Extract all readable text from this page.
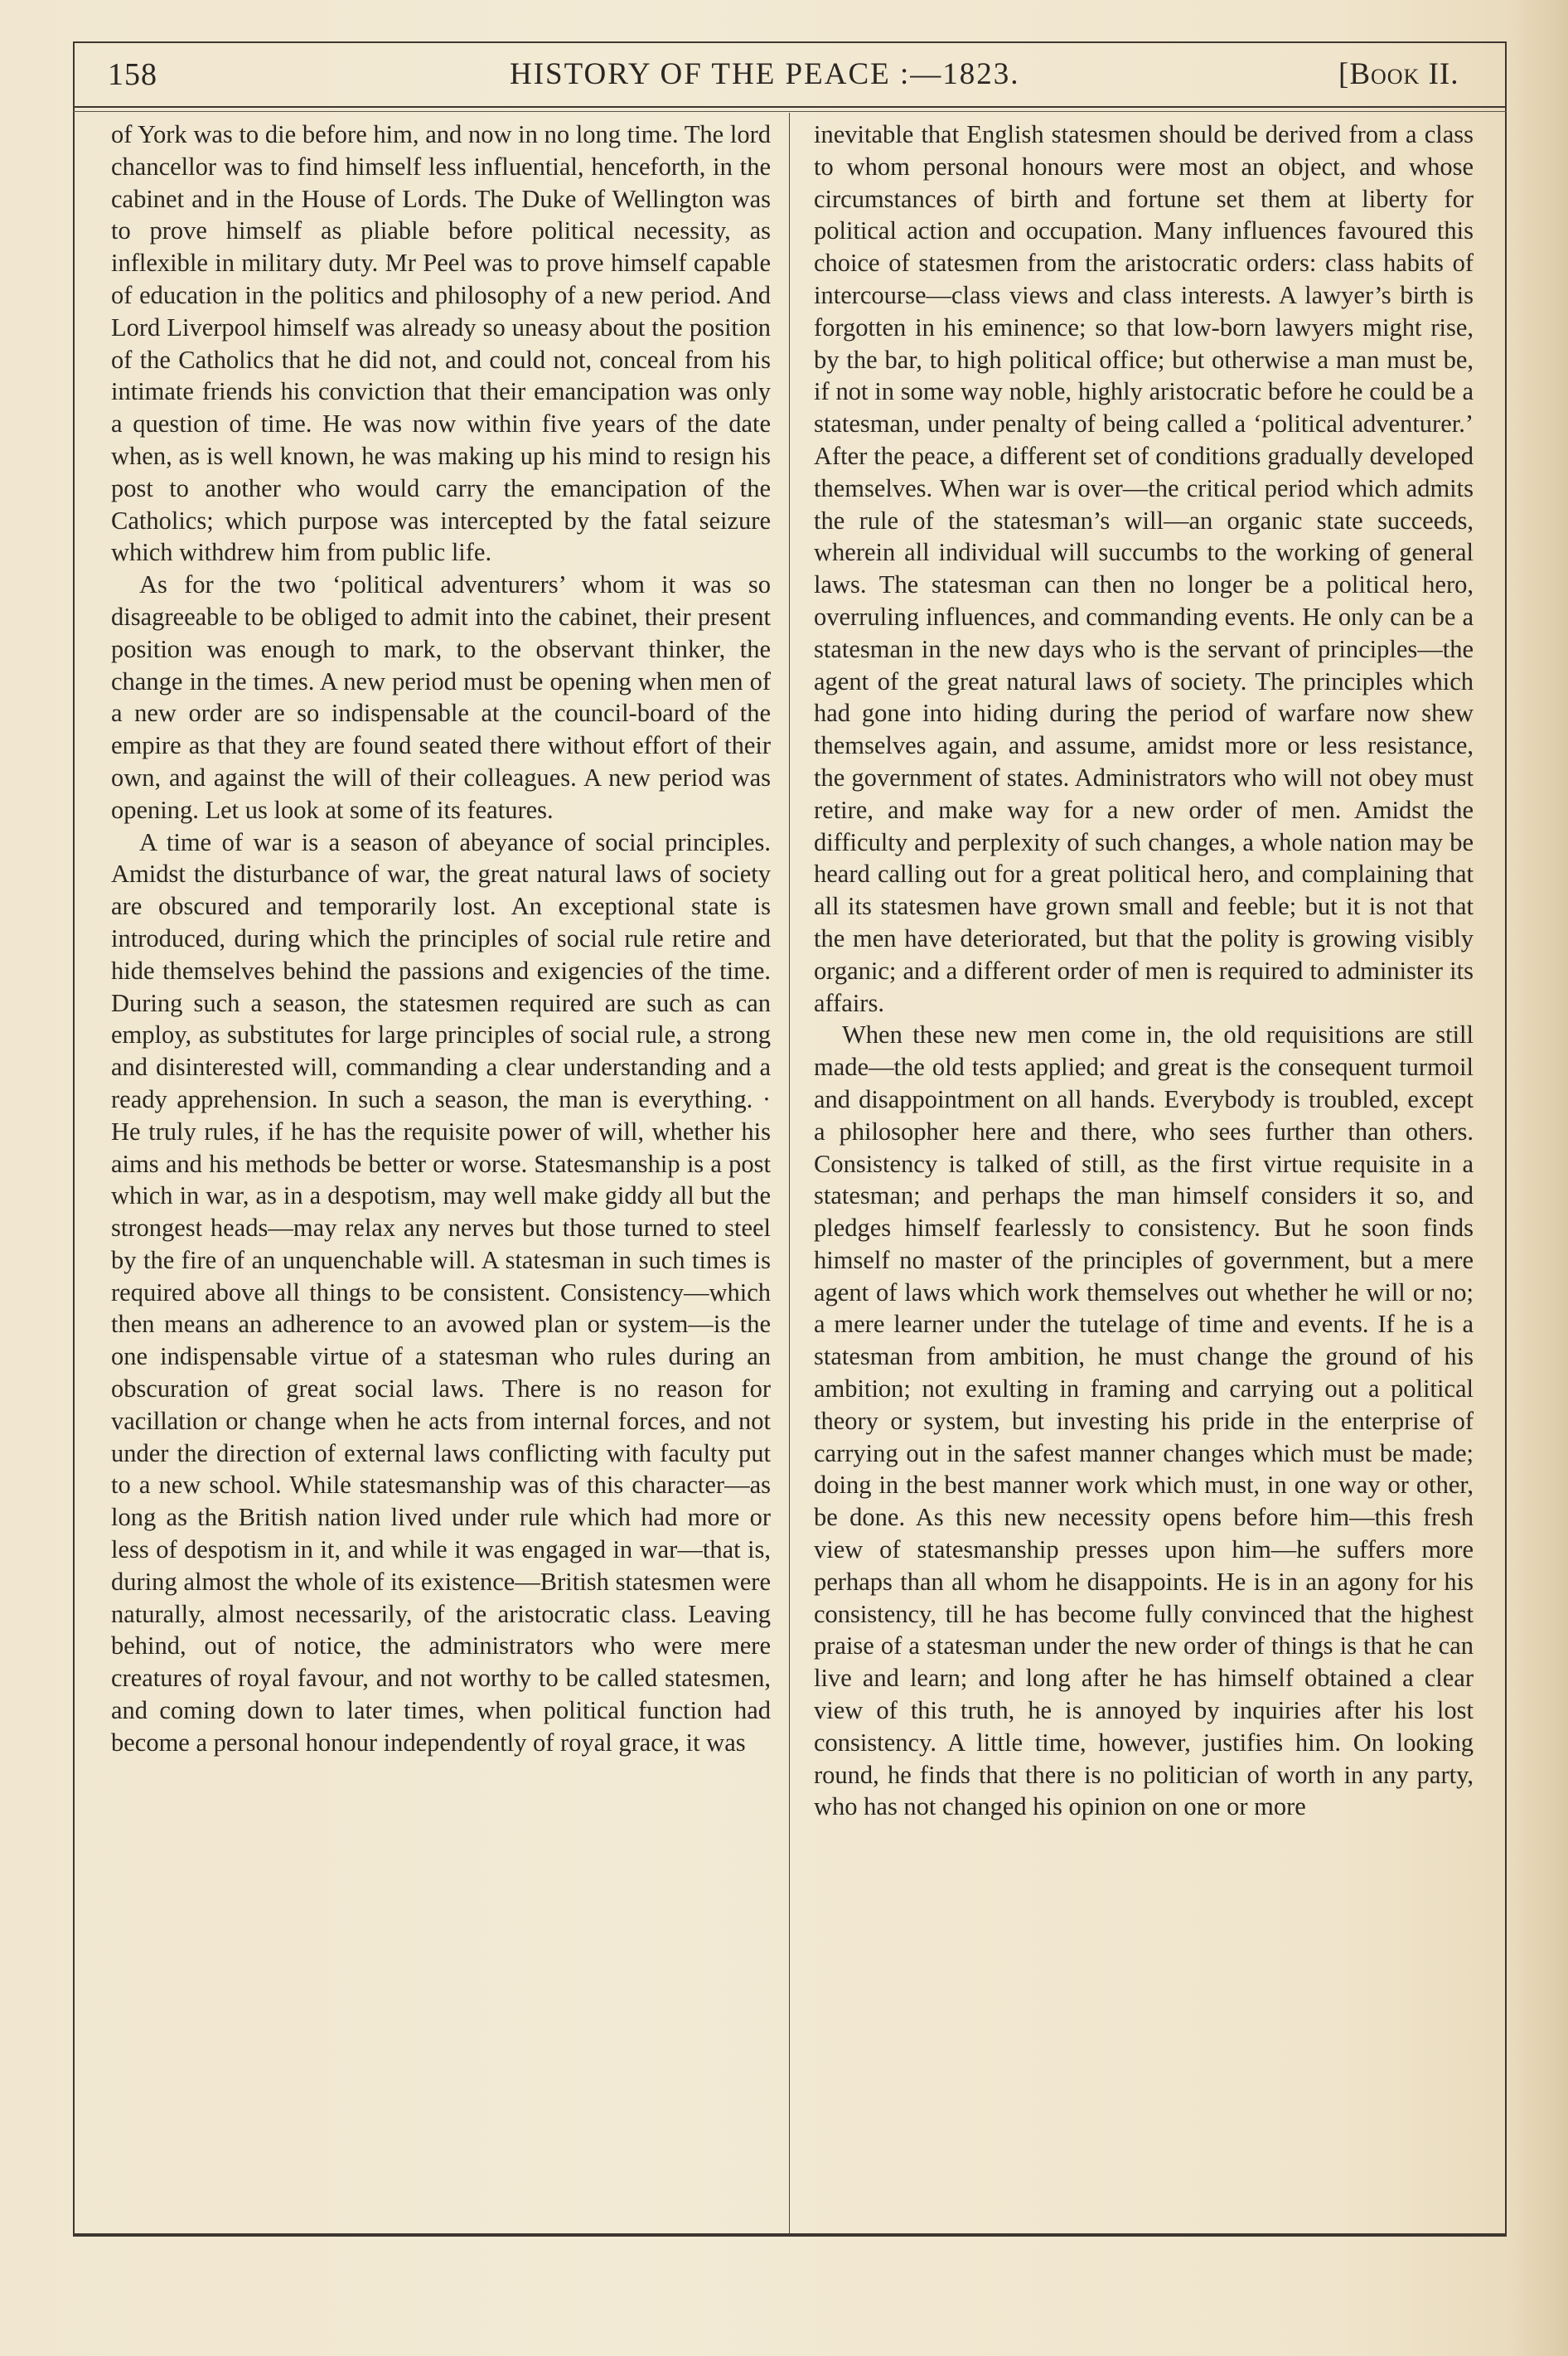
158	HISTORY OF THE PEACE :—1823.	[Book II.

of York was to die before him, and now in no long time. The lord chancellor was to find himself less influential, henceforth, in the cabinet and in the House of Lords. The Duke of Wellington was to prove himself as pliable before political necessity, as inflexible in military duty. Mr Peel was to prove himself capable of education in the politics and philosophy of a new period. And Lord Liverpool himself was already so uneasy about the position of the Catholics that he did not, and could not, conceal from his intimate friends his conviction that their emancipation was only a question of time. He was now within five years of the date when, as is well known, he was making up his mind to resign his post to another who would carry the emancipation of the Catholics; which purpose was intercepted by the fatal seizure which withdrew him from public life.

As for the two ‘political adventurers’ whom it was so disagreeable to be obliged to admit into the cabinet, their present position was enough to mark, to the observant thinker, the change in the times. A new period must be opening when men of a new order are so indispensable at the council-board of the empire as that they are found seated there without effort of their own, and against the will of their colleagues. A new period was opening. Let us look at some of its features.

A time of war is a season of abeyance of social principles. Amidst the disturbance of war, the great natural laws of society are obscured and temporarily lost. An exceptional state is introduced, during which the principles of social rule retire and hide themselves behind the passions and exigencies of the time. During such a season, the statesmen required are such as can employ, as substitutes for large principles of social rule, a strong and disinterested will, commanding a clear understanding and a ready apprehension. In such a season, the man is everything. · He truly rules, if he has the requisite power of will, whether his aims and his methods be better or worse. Statesmanship is a post which in war, as in a despotism, may well make giddy all but the strongest heads—may relax any nerves but those turned to steel by the fire of an unquenchable will. A statesman in such times is required above all things to be consistent. Consistency—which then means an adherence to an avowed plan or system—is the one indispensable virtue of a statesman who rules during an obscuration of great social laws. There is no reason for vacillation or change when he acts from internal forces, and not under the direction of external laws conflicting with faculty put to a new school. While statesmanship was of this character—as long as the British nation lived under rule which had more or less of despotism in it, and while it was engaged in war—that is, during almost the whole of its existence—British statesmen were naturally, almost necessarily, of the aristocratic class. Leaving behind, out of notice, the administrators who were mere creatures of royal favour, and not worthy to be called statesmen, and coming down to later times, when political function had become a personal honour independently of royal grace, it was

inevitable that English statesmen should be derived from a class to whom personal honours were most an object, and whose circumstances of birth and fortune set them at liberty for political action and occupation. Many influences favoured this choice of statesmen from the aristocratic orders: class habits of intercourse—class views and class interests. A lawyer’s birth is forgotten in his eminence; so that low-born lawyers might rise, by the bar, to high political office; but otherwise a man must be, if not in some way noble, highly aristocratic before he could be a statesman, under penalty of being called a ‘political adventurer.’ After the peace, a different set of conditions gradually developed themselves. When war is over—the critical period which admits the rule of the statesman’s will—an organic state succeeds, wherein all individual will succumbs to the working of general laws. The statesman can then no longer be a political hero, overruling influences, and commanding events. He only can be a statesman in the new days who is the servant of principles—the agent of the great natural laws of society. The principles which had gone into hiding during the period of warfare now shew themselves again, and assume, amidst more or less resistance, the government of states. Administrators who will not obey must retire, and make way for a new order of men. Amidst the difficulty and perplexity of such changes, a whole nation may be heard calling out for a great political hero, and complaining that all its statesmen have grown small and feeble; but it is not that the men have deteriorated, but that the polity is growing visibly organic; and a different order of men is required to administer its affairs.

When these new men come in, the old requisitions are still made—the old tests applied; and great is the consequent turmoil and disappointment on all hands. Everybody is troubled, except a philosopher here and there, who sees further than others. Consistency is talked of still, as the first virtue requisite in a statesman; and perhaps the man himself considers it so, and pledges himself fearlessly to consistency. But he soon finds himself no master of the principles of government, but a mere agent of laws which work themselves out whether he will or no; a mere learner under the tutelage of time and events. If he is a statesman from ambition, he must change the ground of his ambition; not exulting in framing and carrying out a political theory or system, but investing his pride in the enterprise of carrying out in the safest manner changes which must be made; doing in the best manner work which must, in one way or other, be done. As this new necessity opens before him—this fresh view of statesmanship presses upon him—he suffers more perhaps than all whom he disappoints. He is in an agony for his consistency, till he has become fully convinced that the highest praise of a statesman under the new order of things is that he can live and learn; and long after he has himself obtained a clear view of this truth, he is annoyed by inquiries after his lost consistency. A little time, however, justifies him. On looking round, he finds that there is no politician of worth in any party, who has not changed his opinion on one or more
